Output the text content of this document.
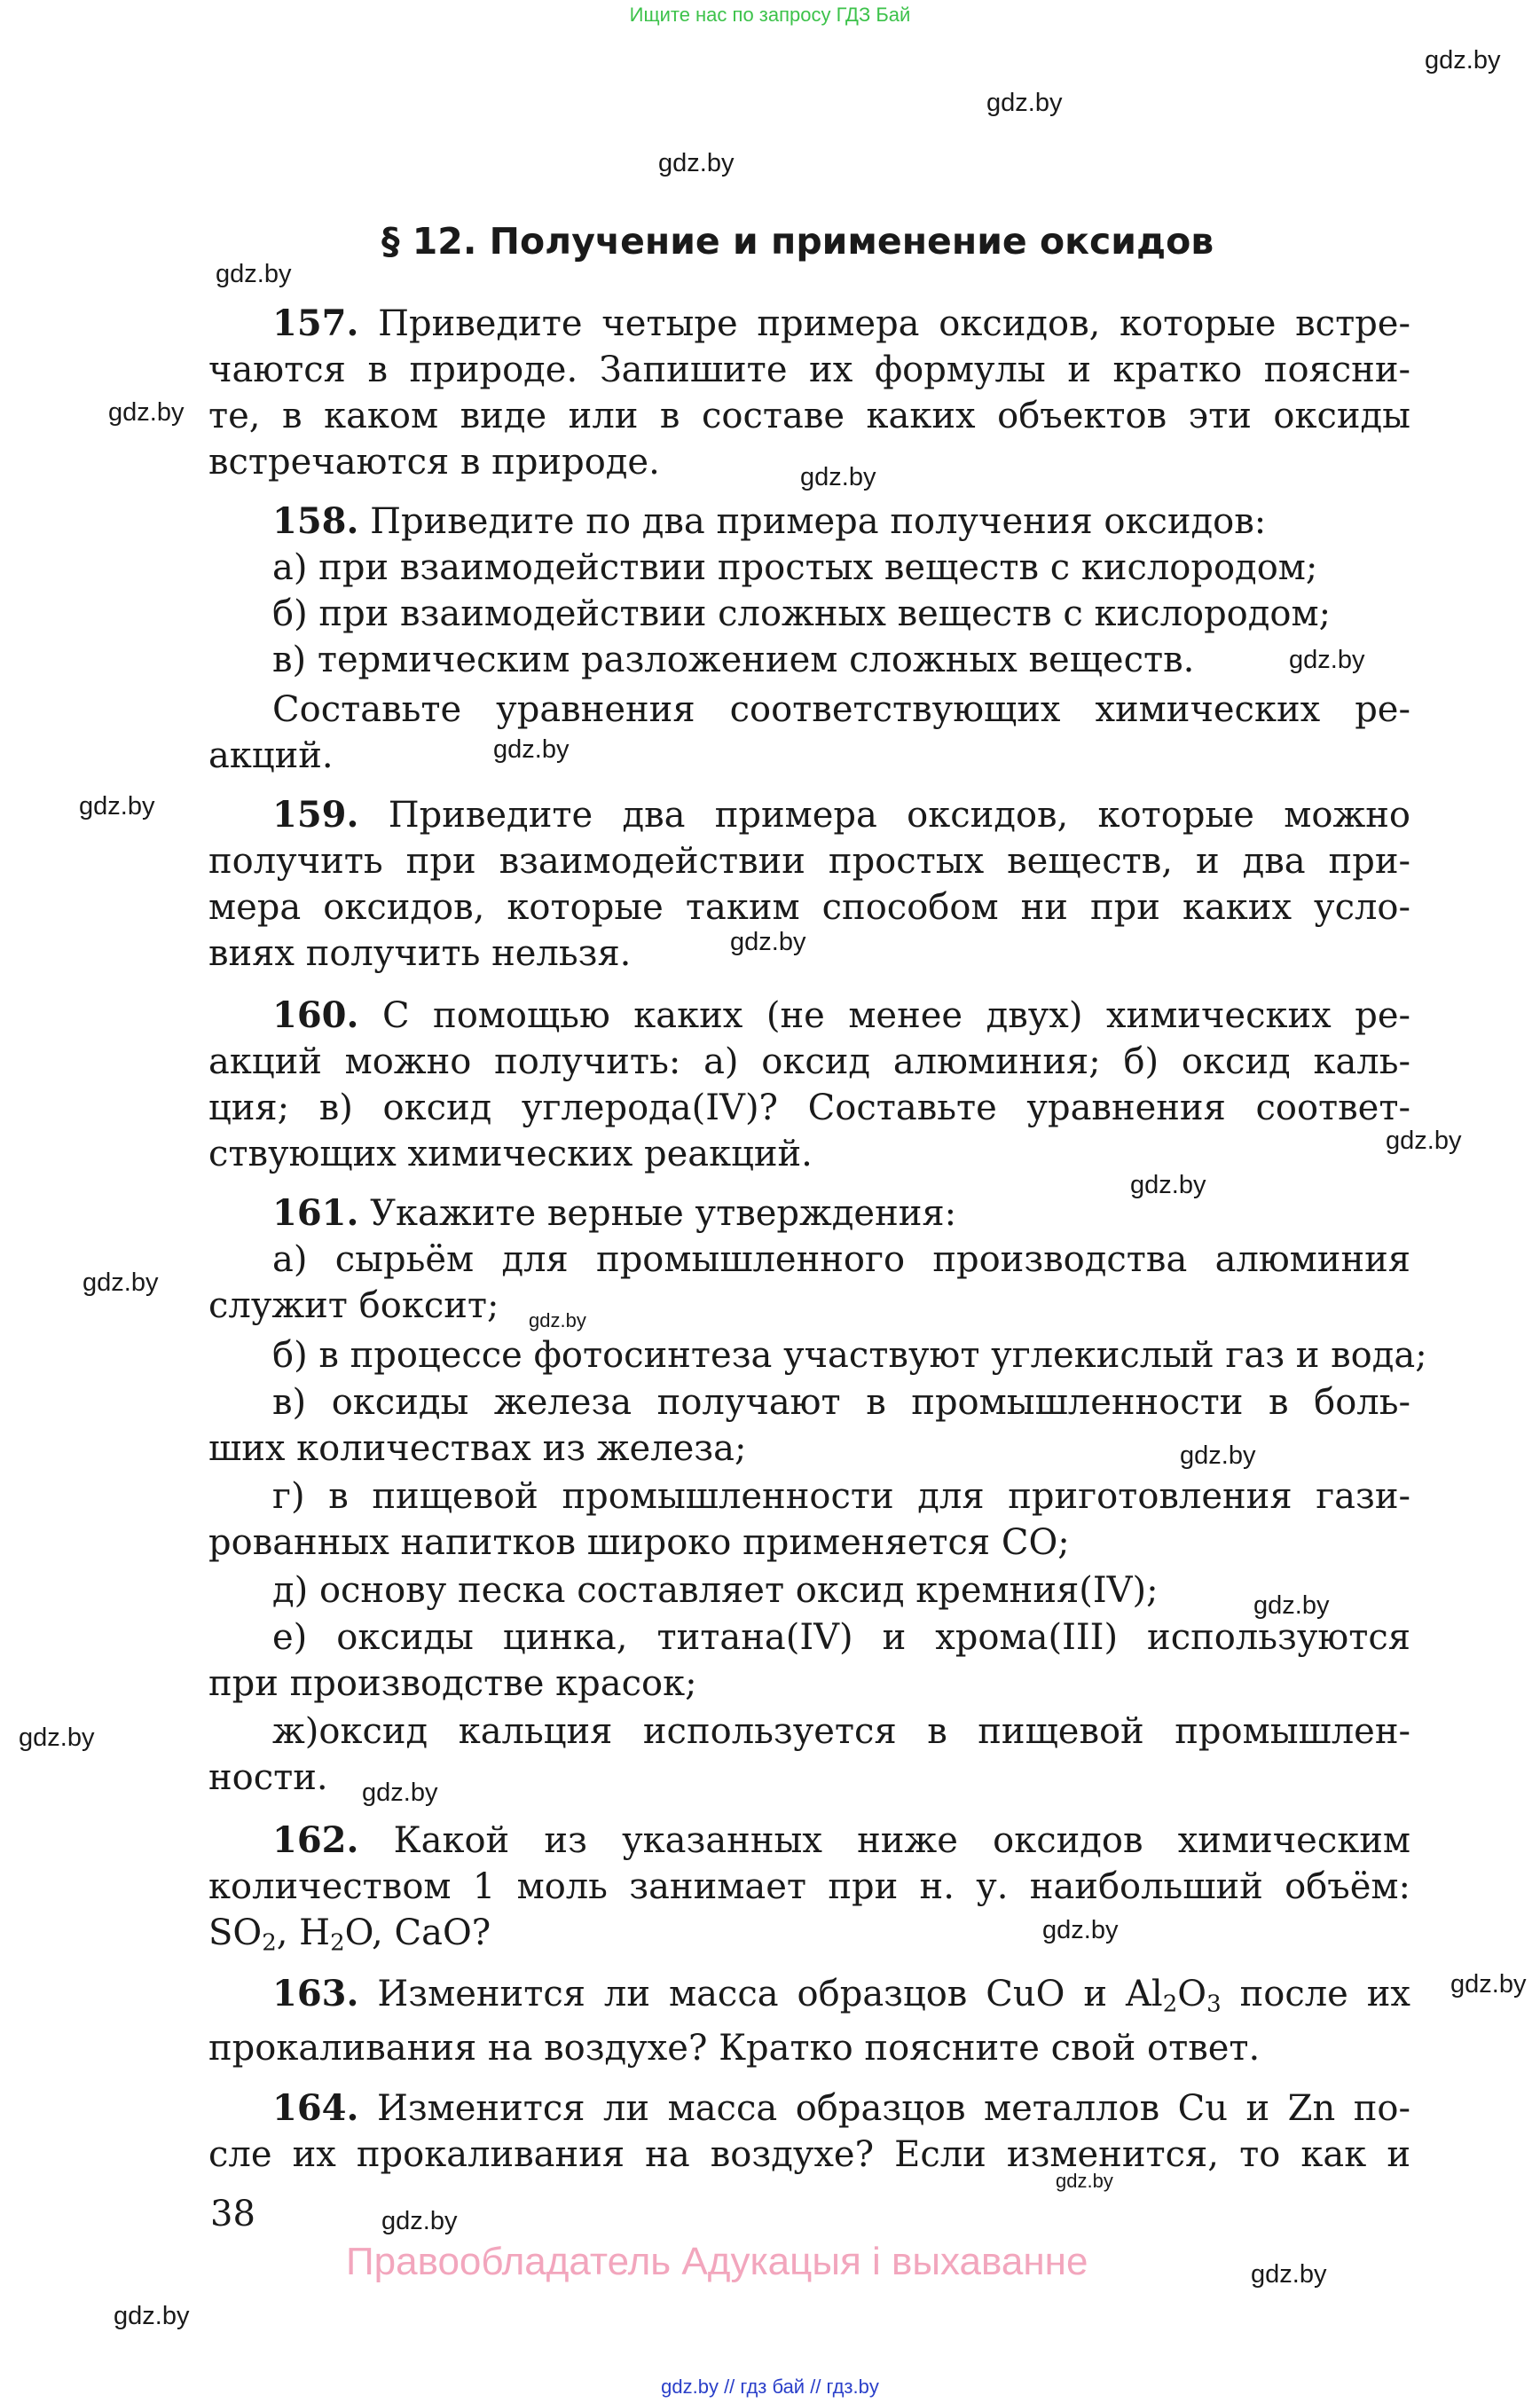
Ищите нас по запросу ГДЗ Бай
gdz.by
gdz.by
gdz.by
gdz.by
gdz.by
gdz.by
gdz.by
gdz.by
gdz.by
gdz.by
gdz.by
gdz.by
gdz.by
gdz.by
gdz.by
gdz.by
gdz.by
gdz.by
gdz.by
gdz.by
gdz.by
gdz.by
gdz.by
gdz.by
§ 12. Получение и применение оксидов
157. Приведите четыре примера оксидов, которые встре-
чаются в природе. Запишите их формулы и кратко поясни-
те, в каком виде или в составе каких объектов эти оксиды
встречаются в природе.
158. Приведите по два примера получения оксидов:
а) при взаимодействии простых веществ с кислородом;
б) при взаимодействии сложных веществ с кислородом;
в) термическим разложением сложных веществ.
Составьте уравнения соответствующих химических ре-
акций.
159. Приведите два примера оксидов, которые можно
получить при взаимодействии простых веществ, и два при-
мера оксидов, которые таким способом ни при каких усло-
виях получить нельзя.
160. С помощью каких (не менее двух) химических ре-
акций можно получить: а) оксид алюминия; б) оксид каль-
ция; в) оксид углерода(IV)? Составьте уравнения соответ-
ствующих химических реакций.
161. Укажите верные утверждения:
а) сырьём для промышленного производства алюминия
служит боксит;
б) в процессе фотосинтеза участвуют углекислый газ и вода;
в) оксиды железа получают в промышленности в боль-
ших количествах из железа;
г) в пищевой промышленности для приготовления гази-
рованных напитков широко применяется CO;
д) основу песка составляет оксид кремния(IV);
е) оксиды цинка, титана(IV) и хрома(III) используются
при производстве красок;
ж)оксид кальция используется в пищевой промышлен-
ности.
162. Какой из указанных ниже оксидов химическим
количеством 1 моль занимает при н. у. наибольший объём:
$SO_2$, $H_2O$, CaO?
163. Изменится ли масса образцов CuO и $Al_2O_3$ после их
прокаливания на воздухе? Кратко поясните свой ответ.
164. Изменится ли масса образцов металлов Cu и Zn по-
сле их прокаливания на воздухе? Если изменится, то как и
38
Правообладатель Адукацыя і выхаванне
gdz.by // гдз бай // гдз.by
